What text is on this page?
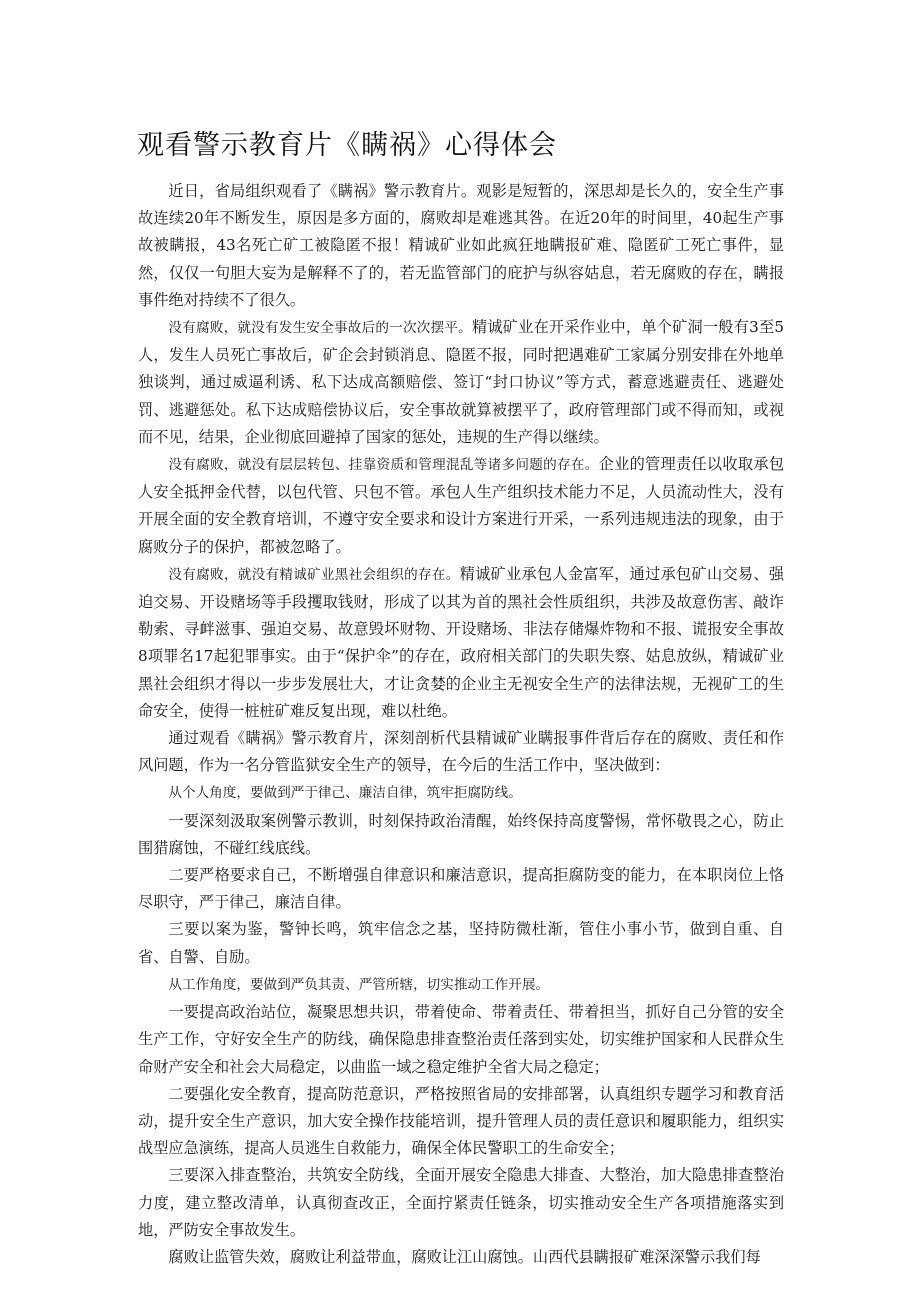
观看警示教育片《瞒祸》心得体会

近日，省局组织观看了《瞒祸》警示教育片。观影是短暂的，深思却是长久的，安全生产事故连续20年不断发生，原因是多方面的，腐败却是难逃其咎。在近20年的时间里，40起生产事故被瞒报，43名死亡矿工被隐匿不报！精诚矿业如此疯狂地瞒报矿难、隐匿矿工死亡事件，显然，仅仅一句胆大妄为是解释不了的，若无监管部门的庇护与纵容姑息，若无腐败的存在，瞒报事件绝对持续不了很久。

没有腐败，就没有发生安全事故后的一次次摆平。精诚矿业在开采作业中，单个矿洞一般有3至5人，发生人员死亡事故后，矿企会封锁消息、隐匿不报，同时把遇难矿工家属分别安排在外地单独谈判，通过威逼利诱、私下达成高额赔偿、签订“封口协议”等方式，蓄意逃避责任、逃避处罚、逃避惩处。私下达成赔偿协议后，安全事故就算被摆平了，政府管理部门或不得而知，或视而不见，结果，企业彻底回避掉了国家的惩处，违规的生产得以继续。

没有腐败，就没有层层转包、挂靠资质和管理混乱等诸多问题的存在。企业的管理责任以收取承包人安全抵押金代替，以包代管、只包不管。承包人生产组织技术能力不足，人员流动性大，没有开展全面的安全教育培训，不遵守安全要求和设计方案进行开采，一系列违规违法的现象，由于腐败分子的保护，都被忽略了。

没有腐败，就没有精诚矿业黑社会组织的存在。精诚矿业承包人金富军，通过承包矿山交易、强迫交易、开设赌场等手段攫取钱财，形成了以其为首的黑社会性质组织，共涉及故意伤害、敲诈勒索、寻衅滋事、强迫交易、故意毁坏财物、开设赌场、非法存储爆炸物和不报、谎报安全事故8项罪名17起犯罪事实。由于“保护伞”的存在，政府相关部门的失职失察、姑息放纵，精诚矿业黑社会组织才得以一步步发展壮大，才让贪婪的企业主无视安全生产的法律法规，无视矿工的生命安全，使得一桩桩矿难反复出现，难以杜绝。

通过观看《瞒祸》警示教育片，深刻剖析代县精诚矿业瞒报事件背后存在的腐败、责任和作风问题，作为一名分管监狱安全生产的领导，在今后的生活工作中，坚决做到：

从个人角度，要做到严于律己、廉洁自律，筑牢拒腐防线。

一要深刻汲取案例警示教训，时刻保持政治清醒，始终保持高度警惕，常怀敬畏之心，防止围猎腐蚀，不碰红线底线。

二要严格要求自己，不断增强自律意识和廉洁意识，提高拒腐防变的能力，在本职岗位上恪尽职守，严于律己，廉洁自律。

三要以案为鉴，警钟长鸣，筑牢信念之基，坚持防微杜渐，管住小事小节，做到自重、自省、自警、自励。

从工作角度，要做到严负其责、严管所辖，切实推动工作开展。

一要提高政治站位，凝聚思想共识，带着使命、带着责任、带着担当，抓好自己分管的安全生产工作，守好安全生产的防线，确保隐患排查整治责任落到实处，切实维护国家和人民群众生命财产安全和社会大局稳定，以曲监一域之稳定维护全省大局之稳定；

二要强化安全教育，提高防范意识，严格按照省局的安排部署，认真组织专题学习和教育活动，提升安全生产意识，加大安全操作技能培训，提升管理人员的责任意识和履职能力，组织实战型应急演练，提高人员逃生自救能力，确保全体民警职工的生命安全；

三要深入排查整治，共筑安全防线，全面开展安全隐患大排查、大整治，加大隐患排查整治力度，建立整改清单，认真彻查改正，全面拧紧责任链条，切实推动安全生产各项措施落实到地，严防安全事故发生。

腐败让监管失效，腐败让利益带血，腐败让江山腐蚀。山西代县瞒报矿难深深警示我们每
